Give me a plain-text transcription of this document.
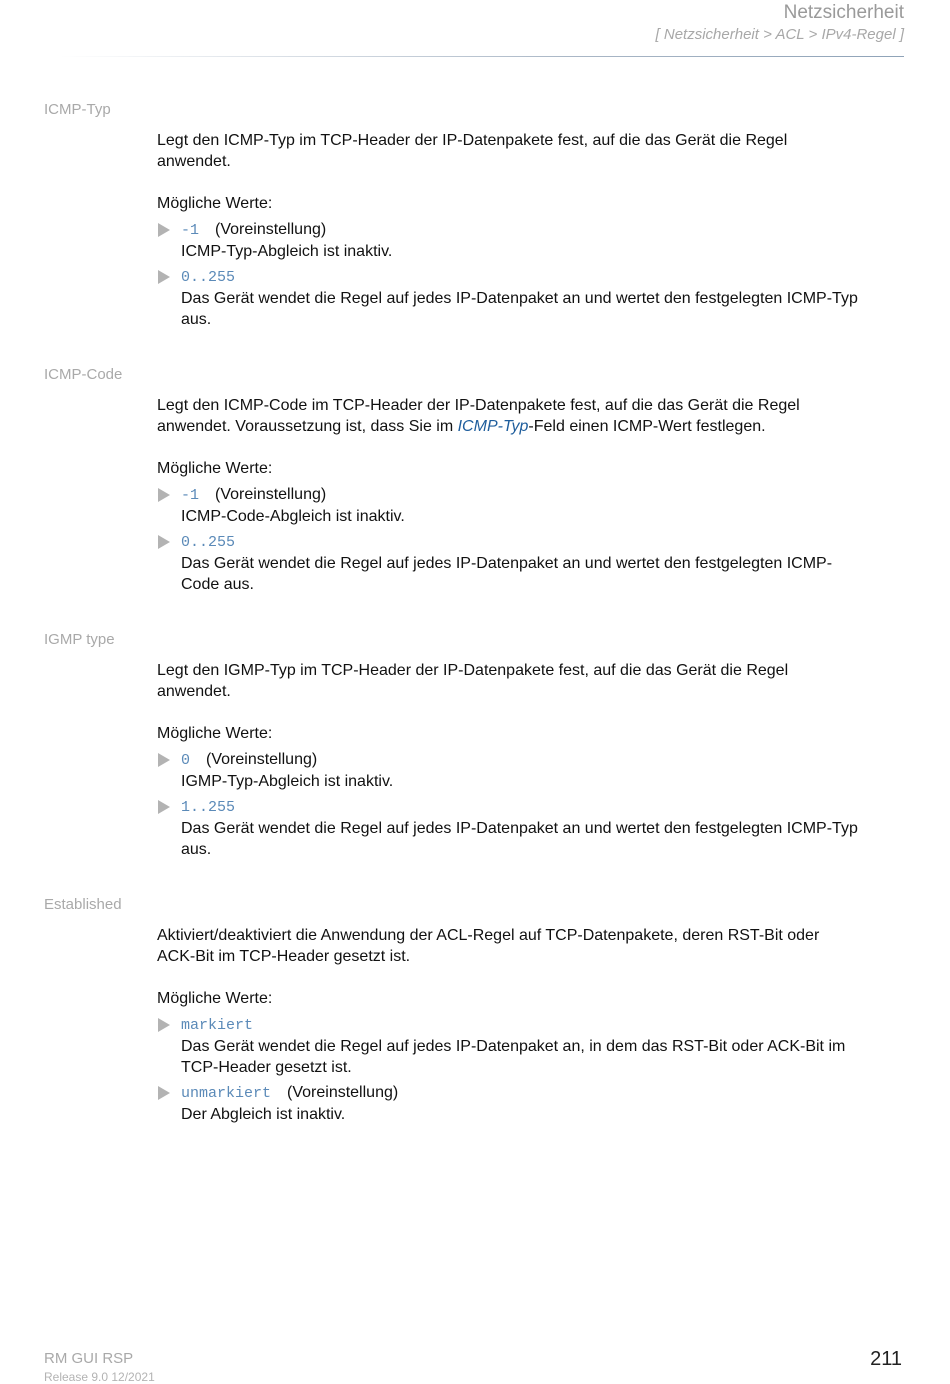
Netzsicherheit
[ Netzsicherheit > ACL > IPv4-Regel ]
ICMP-Typ
Legt den ICMP-Typ im TCP-Header der IP-Datenpakete fest, auf die das Gerät die Regel
anwendet.
Mögliche Werte:
-1 (Voreinstellung)
ICMP-Typ-Abgleich ist inaktiv.
0..255
Das Gerät wendet die Regel auf jedes IP-Datenpaket an und wertet den festgelegten ICMP-Typ
aus.
ICMP-Code
Legt den ICMP-Code im TCP-Header der IP-Datenpakete fest, auf die das Gerät die Regel
anwendet. Voraussetzung ist, dass Sie im ICMP-Typ-Feld einen ICMP-Wert festlegen.
Mögliche Werte:
-1 (Voreinstellung)
ICMP-Code-Abgleich ist inaktiv.
0..255
Das Gerät wendet die Regel auf jedes IP-Datenpaket an und wertet den festgelegten ICMP-
Code aus.
IGMP type
Legt den IGMP-Typ im TCP-Header der IP-Datenpakete fest, auf die das Gerät die Regel
anwendet.
Mögliche Werte:
0 (Voreinstellung)
IGMP-Typ-Abgleich ist inaktiv.
1..255
Das Gerät wendet die Regel auf jedes IP-Datenpaket an und wertet den festgelegten ICMP-Typ
aus.
Established
Aktiviert/deaktiviert die Anwendung der ACL-Regel auf TCP-Datenpakete, deren RST-Bit oder
ACK-Bit im TCP-Header gesetzt ist.
Mögliche Werte:
markiert
Das Gerät wendet die Regel auf jedes IP-Datenpaket an, in dem das RST-Bit oder ACK-Bit im
TCP-Header gesetzt ist.
unmarkiert (Voreinstellung)
Der Abgleich ist inaktiv.
RM GUI RSP
Release 9.0 12/2021
211
